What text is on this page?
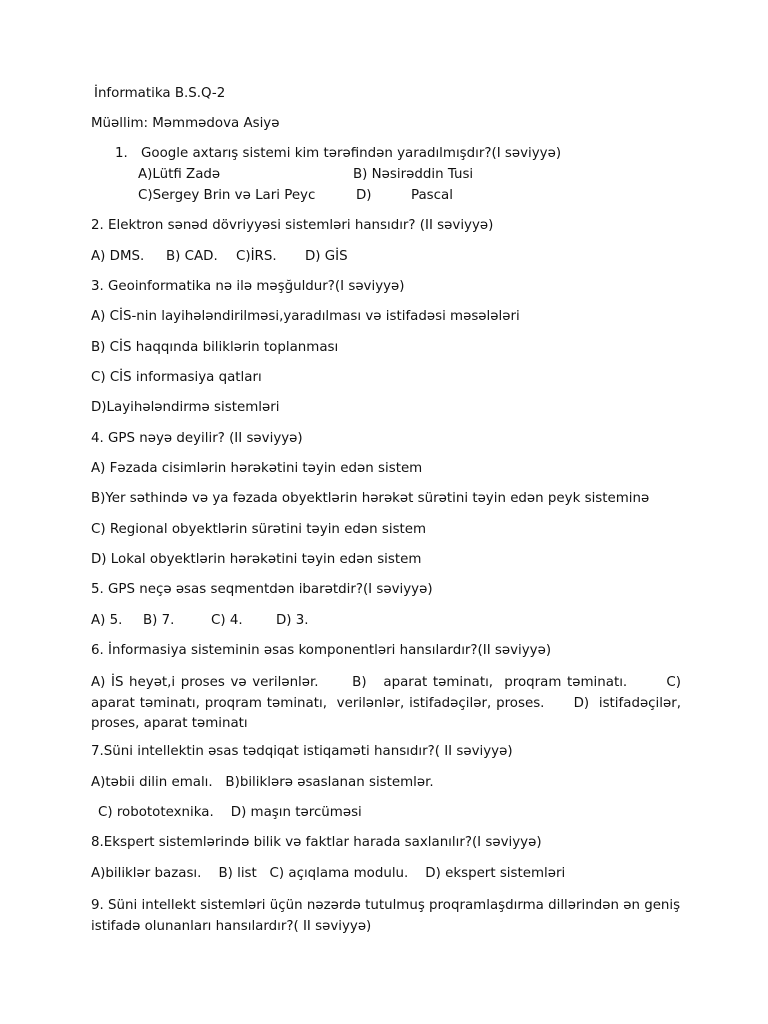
İnformatika B.S.Q-2
Müəllim: Məmmədova Asiyə
1. Google axtarış sistemi kim tərəfindən yaradılmışdır?(I səviyyə)
A)Lütfi Zadə	B) Nəsirəddin Tusi
C)Sergey Brin və Lari Peyc	D)	Pascal
2. Elektron sənəd dövriyyəsi sistemləri hansıdır? (II səviyyə)
A) DMS. B) CAD. C)İRS. D) GİS
3. Geoinformatika nə ilə məşğuldur?(I səviyyə)
A) CİS-nin layihələndirilməsi,yaradılması və istifadəsi məsələləri
B) CİS haqqında biliklərin toplanması
C) CİS informasiya qatları
D)Layihələndirmə sistemləri
4. GPS nəyə deyilir? (II səviyyə)
A) Fəzada cisimlərin hərəkətini təyin edən sistem
B)Yer səthində və ya fəzada obyektlərin hərəkət sürətini təyin edən peyk sisteminə
C) Regional obyektlərin sürətini təyin edən sistem
D) Lokal obyektlərin hərəkətini təyin edən sistem
5. GPS neçə əsas seqmentdən ibarətdir?(I səviyyə)
A) 5. B) 7.	C) 4. D) 3.
6. İnformasiya sisteminin əsas komponentləri hansılardır?(II səviyyə)
A) İS heyət,i proses və verilənlər.      B)   aparat təminatı,  proqram təminatı.       C)  aparat təminatı, proqram təminatı,  verilənlər, istifadəçilər, proses.      D)  istifadəçilər, proses, aparat təminatı
7.Süni intellektin əsas tədqiqat istiqaməti hansıdır?( II səviyyə)
A)təbii dilin emalı.   B)biliklərə əsaslanan sistemlər.
C) robototexnika.    D) maşın tərcüməsi
8.Ekspert sistemlərində bilik və faktlar harada saxlanılır?(I səviyyə)
A)biliklər bazası.    B) list   C) açıqlama modulu.    D) ekspert sistemləri
9. Süni intellekt sistemləri üçün nəzərdə tutulmuş proqramlaşdırma dillərindən ən geniş istifadə olunanları hansılardır?( II səviyyə)
